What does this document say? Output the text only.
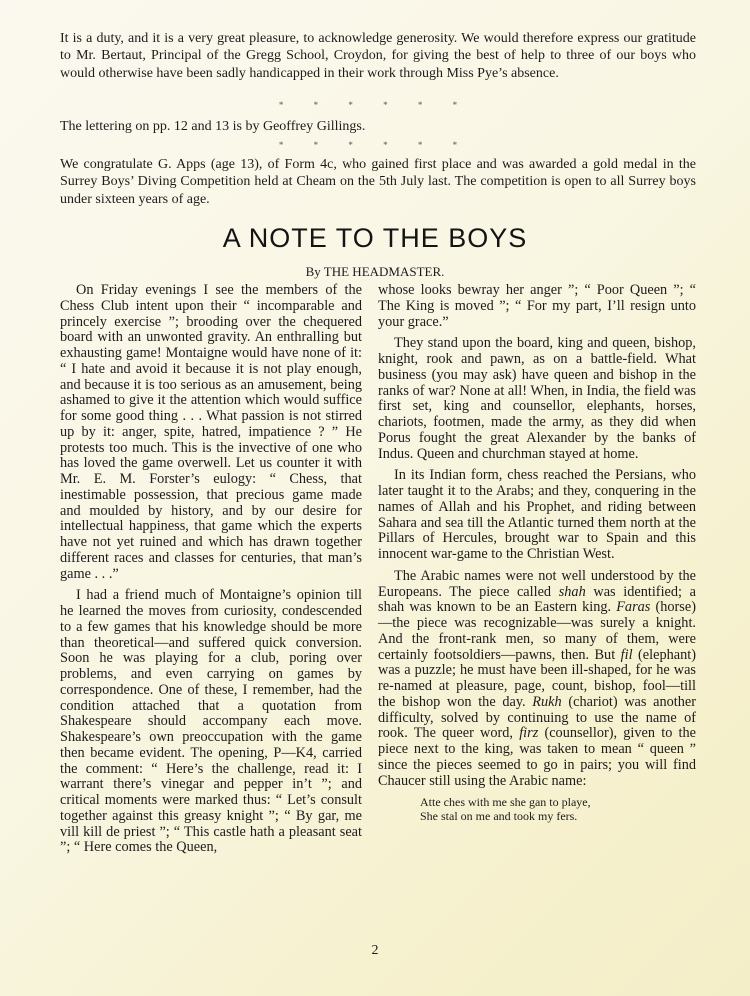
It is a duty, and it is a very great pleasure, to acknowledge generosity. We would therefore express our gratitude to Mr. Bertaut, Principal of the Gregg School, Croydon, for giving the best of help to three of our boys who would otherwise have been sadly handicapped in their work through Miss Pye’s absence.

* * * * * *

The lettering on pp. 12 and 13 is by Geoffrey Gillings.

* * * * * *

We congratulate G. Apps (age 13), of Form 4c, who gained first place and was awarded a gold medal in the Surrey Boys’ Diving Competition held at Cheam on the 5th July last. The competition is open to all Surrey boys under sixteen years of age.

A NOTE TO THE BOYS
By THE HEADMASTER.

On Friday evenings I see the members of the Chess Club intent upon their “ incomparable and princely exercise ”; brooding over the chequered board with an unwonted gravity. An enthralling but exhausting game! Montaigne would have none of it: “ I hate and avoid it because it is not play enough, and because it is too serious as an amusement, being ashamed to give it the attention which would suffice for some good thing . . . What passion is not stirred up by it: anger, spite, hatred, impatience ? ” He protests too much. This is the invective of one who has loved the game overwell. Let us counter it with Mr. E. M. Forster’s eulogy: “ Chess, that inestimable possession, that precious game made and moulded by history, and by our desire for intellectual happiness, that game which the experts have not yet ruined and which has drawn together different races and classes for centuries, that man’s game . . .”

I had a friend much of Montaigne’s opinion till he learned the moves from curiosity, condescended to a few games that his knowledge should be more than theoretical—and suffered quick conversion. Soon he was playing for a club, poring over problems, and even carrying on games by correspondence. One of these, I remember, had the condition attached that a quotation from Shakespeare should accompany each move. Shakespeare’s own preoccupation with the game then became evident. The opening, P—K4, carried the comment: “ Here’s the challenge, read it: I warrant there’s vinegar and pepper in’t ”; and critical moments were marked thus: “ Let’s consult together against this greasy knight ”; “ By gar, me vill kill de priest ”; “ This castle hath a pleasant seat ”; “ Here comes the Queen,

whose looks bewray her anger ”; “ Poor Queen ”; “ The King is moved ”; “ For my part, I’ll resign unto your grace.”

They stand upon the board, king and queen, bishop, knight, rook and pawn, as on a battle-field. What business (you may ask) have queen and bishop in the ranks of war? None at all! When, in India, the field was first set, king and counsellor, elephants, horses, chariots, footmen, made the army, as they did when Porus fought the great Alexander by the banks of Indus. Queen and churchman stayed at home.

In its Indian form, chess reached the Persians, who later taught it to the Arabs; and they, conquering in the names of Allah and his Prophet, and riding between Sahara and sea till the Atlantic turned them north at the Pillars of Hercules, brought war to Spain and this innocent war-game to the Christian West.

The Arabic names were not well understood by the Europeans. The piece called shah was identified; a shah was known to be an Eastern king. Faras (horse)—the piece was recognizable—was surely a knight. And the front-rank men, so many of them, were certainly footsoldiers—pawns, then. But fil (elephant) was a puzzle; he must have been ill-shaped, for he was re-named at pleasure, page, count, bishop, fool—till the bishop won the day. Rukh (chariot) was another difficulty, solved by continuing to use the name of rook. The queer word, firz (counsellor), given to the piece next to the king, was taken to mean “ queen ” since the pieces seemed to go in pairs; you will find Chaucer still using the Arabic name:

Atte ches with me she gan to playe,
She stal on me and took my fers.
2
